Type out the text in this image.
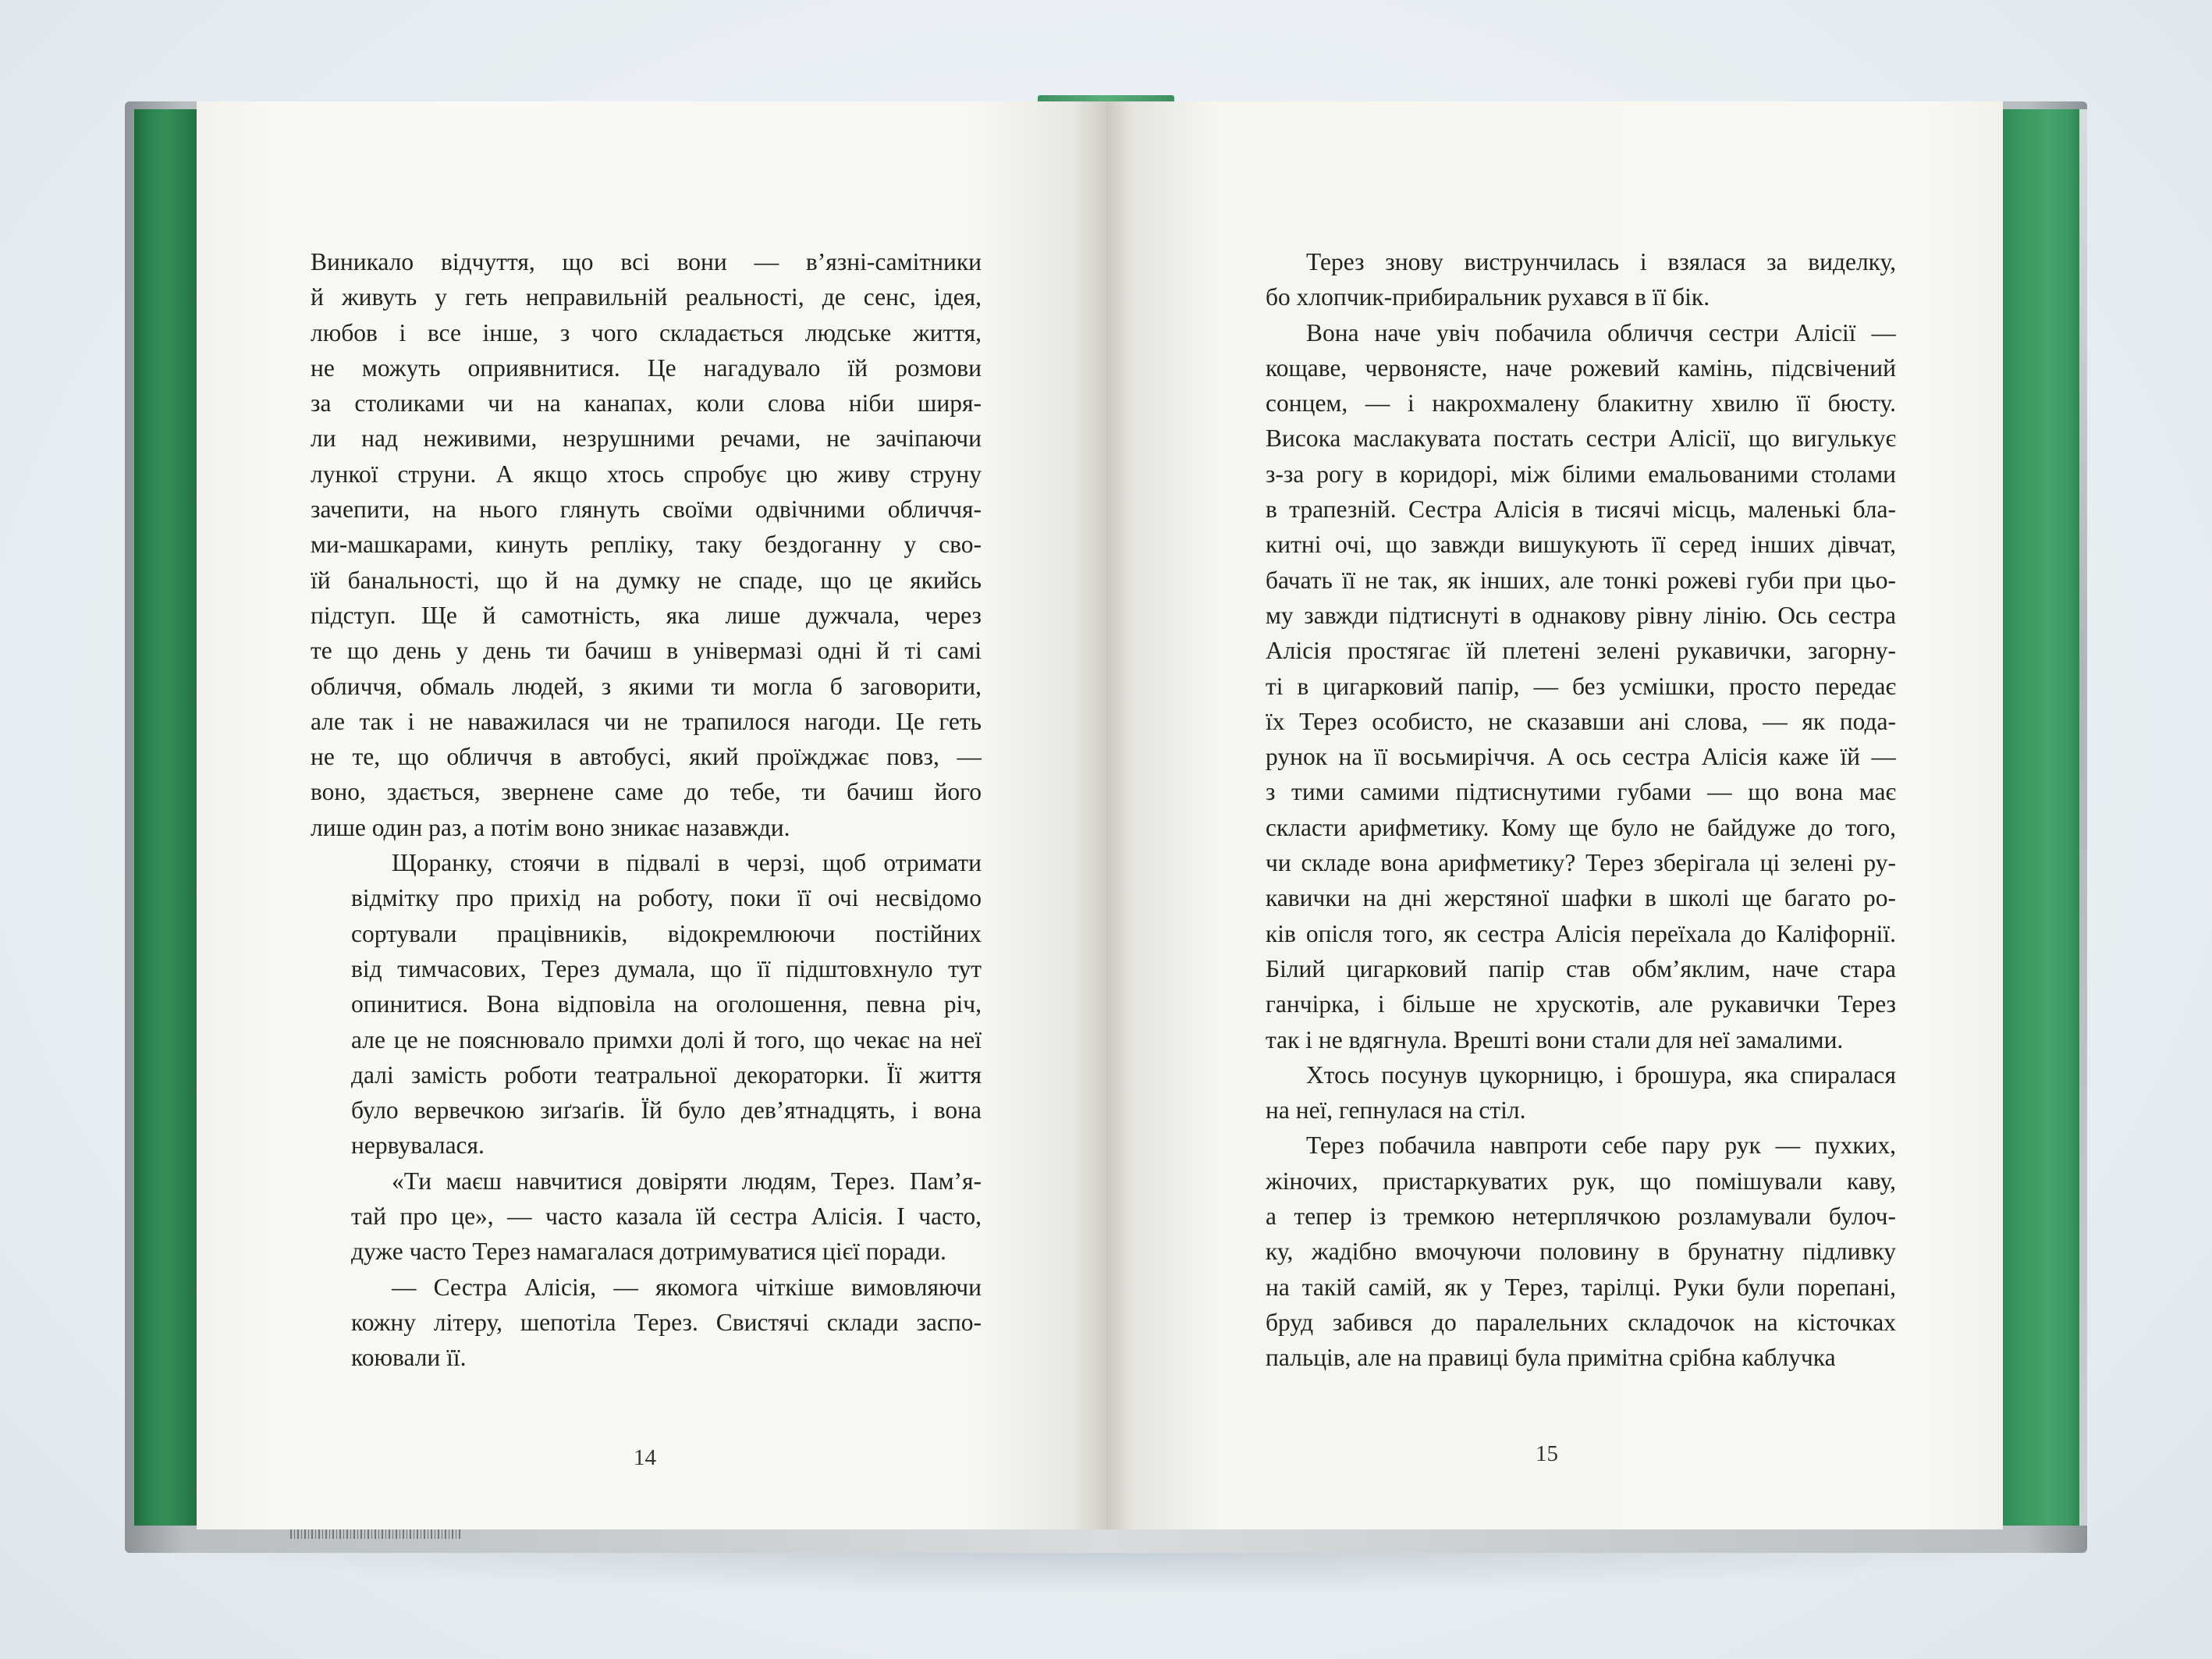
Виникало відчуття, що всі вони — в’язні-самітники
й живуть у геть неправильній реальності, де сенс, ідея,
любов і все інше, з чого складається людське життя,
не можуть оприявнитися. Це нагадувало їй розмови
за столиками чи на канапах, коли слова ніби ширя-
ли над неживими, незрушними речами, не зачіпаючи
лункої струни. А якщо хтось спробує цю живу струну
зачепити, на нього глянуть своїми одвічними обличчя-
ми-машкарами, кинуть репліку, таку бездоганну у сво-
їй банальності, що й на думку не спаде, що це якийсь
підступ. Ще й самотність, яка лише дужчала, через
те що день у день ти бачиш в універмазі одні й ті самі
обличчя, обмаль людей, з якими ти могла б заговорити,
але так і не наважилася чи не трапилося нагоди. Це геть
не те, що обличчя в автобусі, який проїжджає повз, —
воно, здається, звернене саме до тебе, ти бачиш його
лише один раз, а потім воно зникає назавжди.
Щоранку, стоячи в підвалі в черзі, щоб отримати
відмітку про прихід на роботу, поки її очі несвідомо
сортували працівників, відокремлюючи постійних
від тимчасових, Терез думала, що її підштовхнуло тут
опинитися. Вона відповіла на оголошення, певна річ,
але це не пояснювало примхи долі й того, що чекає на неї
далі замість роботи театральної декораторки. Її життя
було вервечкою зиґзаґів. Їй було дев’ятнадцять, і вона
нервувалася.
«Ти маєш навчитися довіряти людям, Терез. Пам’я-
тай про це», — часто казала їй сестра Алісія. І часто,
дуже часто Терез намагалася дотримуватися цієї поради.
— Сестра Алісія, — якомога чіткіше вимовляючи
кожну літеру, шепотіла Терез. Свистячі склади заспо-
коювали її.
Терез знову виструнчилась і взялася за виделку,
бо хлопчик-прибиральник рухався в її бік.
Вона наче увіч побачила обличчя сестри Алісії —
кощаве, червонясте, наче рожевий камінь, підсвічений
сонцем, — і накрохмалену блакитну хвилю її бюсту.
Висока маслакувата постать сестри Алісії, що вигулькує
з-за рогу в коридорі, між білими емальованими столами
в трапезній. Сестра Алісія в тисячі місць, маленькі бла-
китні очі, що завжди вишукують її серед інших дівчат,
бачать її не так, як інших, але тонкі рожеві губи при цьо-
му завжди підтиснуті в однакову рівну лінію. Ось сестра
Алісія простягає їй плетені зелені рукавички, загорну-
ті в цигарковий папір, — без усмішки, просто передає
їх Терез особисто, не сказавши ані слова, — як пода-
рунок на її восьмиріччя. А ось сестра Алісія каже їй —
з тими самими підтиснутими губами — що вона має
скласти арифметику. Кому ще було не байдуже до того,
чи складе вона арифметику? Терез зберігала ці зелені ру-
кавички на дні жерстяної шафки в школі ще багато ро-
ків опісля того, як сестра Алісія переїхала до Каліфорнії.
Білий цигарковий папір став обм’яклим, наче стара
ганчірка, і більше не хрускотів, але рукавички Терез
так і не вдягнула. Врешті вони стали для неї замалими.
Хтось посунув цукорницю, і брошура, яка спиралася
на неї, гепнулася на стіл.
Терез побачила навпроти себе пару рук — пухких,
жіночих, пристаркуватих рук, що помішували каву,
а тепер із тремкою нетерплячкою розламували булоч-
ку, жадібно вмочуючи половину в брунатну підливку
на такій самій, як у Терез, тарілці. Руки були порепані,
бруд забився до паралельних складочок на кісточках
пальців, але на правиці була примітна срібна каблучка
14	15
